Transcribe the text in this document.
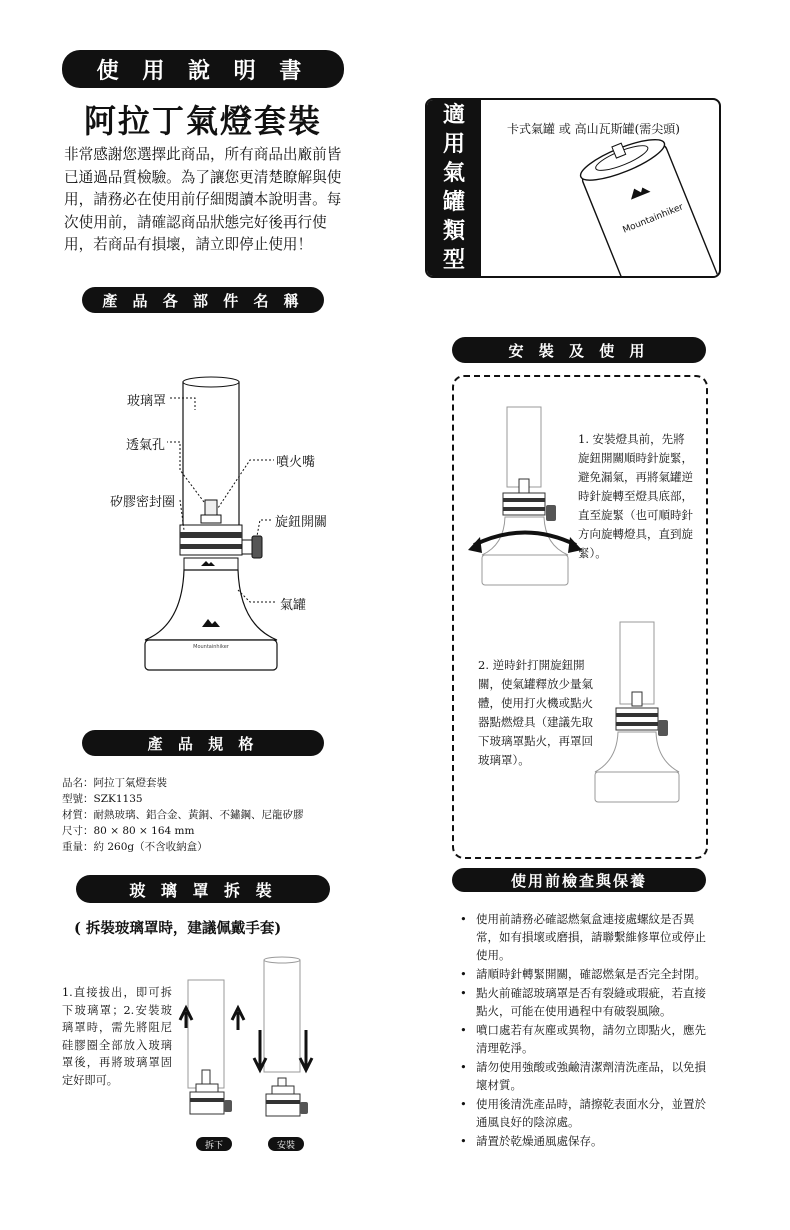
使 用 說 明 書
阿拉丁氣燈套裝
非常感謝您選擇此商品，所有商品出廠前皆已通過品質檢驗。為了讓您更清楚瞭解與使用，請務必在使用前仔細閱讀本說明書。每次使用前，請確認商品狀態完好後再行使用，若商品有損壞，請立即停止使用！
適
用
氣
罐
類
型
卡式氣罐 或 高山瓦斯罐(需尖頭)
Mountainhiker
產 品 各 部 件 名 稱
Mountainhiker
玻璃罩
透氣孔
噴火嘴
矽膠密封圈
旋鈕開關
氣罐
安 裝 及 使 用
1. 安裝燈具前，先將旋鈕開關順時針旋緊，避免漏氣，再將氣罐逆時針旋轉至燈具底部，直至旋緊（也可順時針方向旋轉燈具，直到旋緊）。
2. 逆時針打開旋鈕開關，使氣罐釋放少量氣體，使用打火機或點火器點燃燈具（建議先取下玻璃罩點火，再罩回玻璃罩）。
產 品 規 格
品名：阿拉丁氣燈套裝
型號：SZK1135
材質：耐熱玻璃、鋁合金、黃銅、不鏽鋼、尼龍矽膠
尺寸：80 × 80 × 164 mm
重量：約 260g（不含收納盒）
玻 璃 罩 拆 裝
( 拆裝玻璃罩時，建議佩戴手套)
1.直接拔出，即可拆下玻璃罩；2.安裝玻璃罩時，需先將阻尼硅膠圈全部放入玻璃罩後，再將玻璃罩固定好即可。
拆下	安裝
使用前檢查與保養
• 使用前請務必確認燃氣盒連接處螺紋是否異常，如有損壞或磨損，請聯繫維修單位或停止使用。
• 請順時針轉緊開關，確認燃氣是否完全封閉。
• 點火前確認玻璃罩是否有裂縫或瑕疵，若直接點火，可能在使用過程中有破裂風險。
• 噴口處若有灰塵或異物，請勿立即點火，應先清理乾淨。
• 請勿使用強酸或強鹼清潔劑清洗產品，以免損壞材質。
• 使用後清洗產品時，請擦乾表面水分，並置於通風良好的陰涼處。
• 請置於乾燥通風處保存。
